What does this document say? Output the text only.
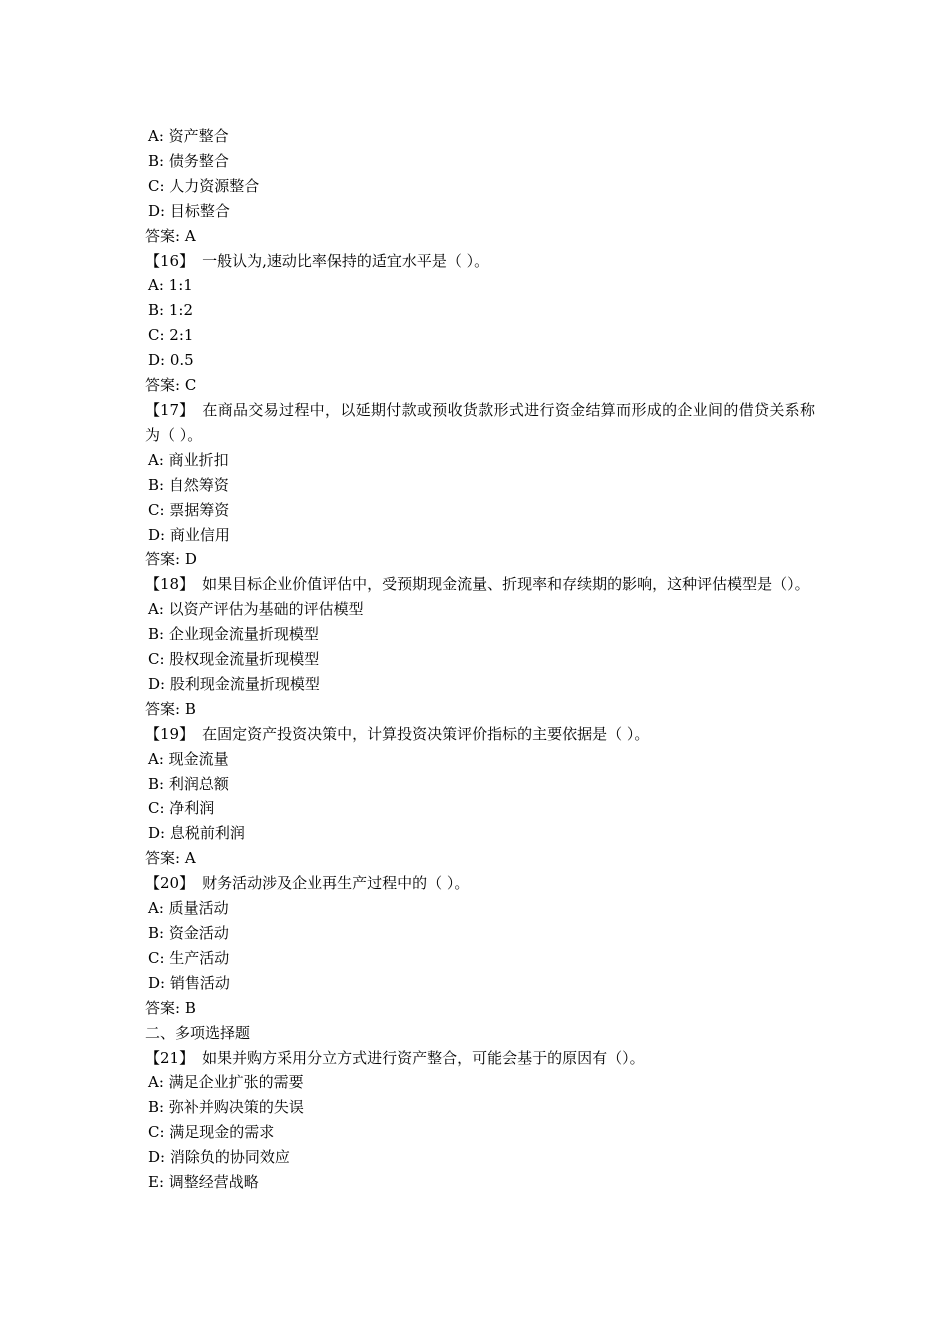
A: 资产整合
B: 债务整合
C: 人力资源整合
D: 目标整合
答案: A
【16】 一般认为,速动比率保持的适宜水平是（ ）。
A: 1:1
B: 1:2
C: 2:1
D: 0.5
答案: C
【17】 在商品交易过程中，以延期付款或预收货款形式进行资金结算而形成的企业间的借贷关系称为（ ）。
A: 商业折扣
B: 自然筹资
C: 票据筹资
D: 商业信用
答案: D
【18】 如果目标企业价值评估中，受预期现金流量、折现率和存续期的影响，这种评估模型是（）。
A: 以资产评估为基础的评估模型
B: 企业现金流量折现模型
C: 股权现金流量折现模型
D: 股利现金流量折现模型
答案: B
【19】 在固定资产投资决策中，计算投资决策评价指标的主要依据是（ ）。
A: 现金流量
B: 利润总额
C: 净利润
D: 息税前利润
答案: A
【20】 财务活动涉及企业再生产过程中的（ ）。
A: 质量活动
B: 资金活动
C: 生产活动
D: 销售活动
答案: B
二、多项选择题
【21】 如果并购方采用分立方式进行资产整合，可能会基于的原因有（）。
A: 满足企业扩张的需要
B: 弥补并购决策的失误
C: 满足现金的需求
D: 消除负的协同效应
E: 调整经营战略
